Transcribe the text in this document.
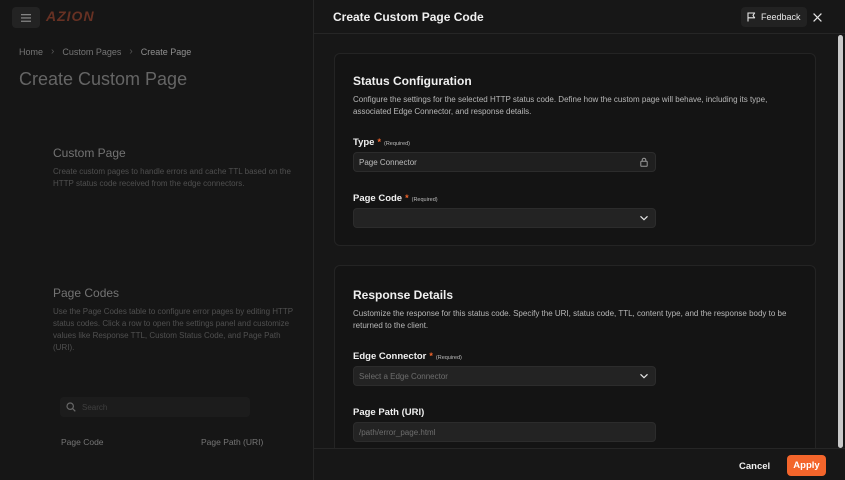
AZION
Home › Custom Pages › Create Page
Create Custom Page
Custom Page
Create custom pages to handle errors and cache TTL based on the HTTP status code received from the edge connectors.
Page Codes
Use the Page Codes table to configure error pages by editing HTTP status codes. Click a row to open the settings panel and customize values like Response TTL, Custom Status Code, and Page Path (URI).
Search
Page Code	Page Path (URI)
Create Custom Page Code	Feedback
Status Configuration
Configure the settings for the selected HTTP status code. Define how the custom page will behave, including its type, associated Edge Connector, and response details.
Type * (Required)
Page Connector
Page Code * (Required)
Response Details
Customize the response for this status code. Specify the URI, status code, TTL, content type, and the response body to be returned to the client.
Edge Connector * (Required)
Select a Edge Connector
Page Path (URI)
/path/error_page.html
Cancel	Apply
